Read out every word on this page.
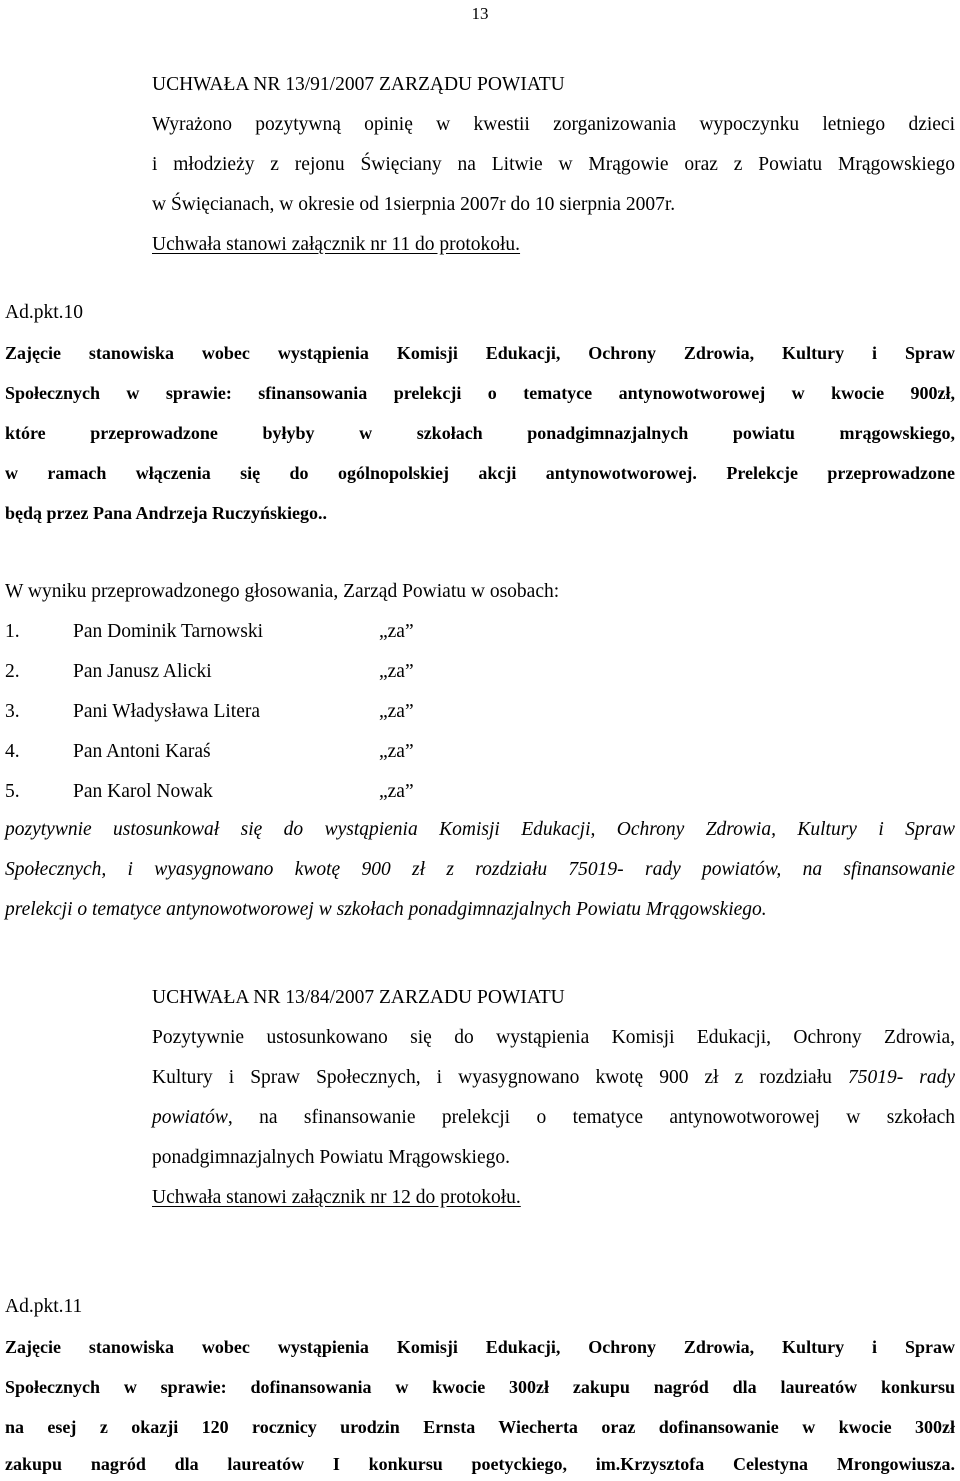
13
UCHWAŁA NR 13/91/2007 ZARZĄDU POWIATU
Wyrażono pozytywną opinię w kwestii zorganizowania wypoczynku letniego dzieci
i młodzieży z rejonu Święciany na Litwie w Mrągowie oraz z Powiatu Mrągowskiego
w Święcianach, w okresie od 1sierpnia 2007r do 10 sierpnia 2007r.
Uchwała stanowi załącznik nr 11 do protokołu.
Ad.pkt.10
Zajęcie stanowiska wobec wystąpienia Komisji Edukacji, Ochrony Zdrowia, Kultury i Spraw
Społecznych w sprawie: sfinansowania prelekcji o tematyce antynowotworowej w kwocie 900zł,
które przeprowadzone byłyby w szkołach ponadgimnazjalnych powiatu mrągowskiego,
w ramach włączenia się do ogólnopolskiej akcji antynowotworowej. Prelekcje przeprowadzone
będą przez Pana Andrzeja Ruczyńskiego..
W wyniku przeprowadzonego głosowania, Zarząd Powiatu w osobach:
1.	Pan Dominik Tarnowski	„za”
2.	Pan Janusz Alicki	„za”
3.	Pani Władysława Litera	„za”
4.	Pan Antoni Karaś	„za”
5.	Pan Karol Nowak	„za”
pozytywnie ustosunkował się do wystąpienia Komisji Edukacji, Ochrony Zdrowia, Kultury i Spraw
Społecznych, i wyasygnowano kwotę 900 zł z rozdziału 75019- rady powiatów, na sfinansowanie
prelekcji o tematyce antynowotworowej w szkołach ponadgimnazjalnych Powiatu Mrągowskiego.
UCHWAŁA NR 13/84/2007 ZARZADU POWIATU
Pozytywnie ustosunkowano się do wystąpienia Komisji Edukacji, Ochrony Zdrowia,
Kultury i Spraw Społecznych, i wyasygnowano kwotę 900 zł z rozdziału 75019- rady
powiatów, na sfinansowanie prelekcji o tematyce antynowotworowej w szkołach
ponadgimnazjalnych Powiatu Mrągowskiego.
Uchwała stanowi załącznik nr 12 do protokołu.
Ad.pkt.11
Zajęcie stanowiska wobec wystąpienia Komisji Edukacji, Ochrony Zdrowia, Kultury i Spraw
Społecznych w sprawie: dofinansowania w kwocie 300zł zakupu nagród dla laureatów konkursu
na esej z okazji 120 rocznicy urodzin Ernsta Wiecherta oraz dofinansowanie w kwocie 300zł
zakupu nagród dla laureatów I konkursu poetyckiego, im.Krzysztofa Celestyna Mrongowiusza.
